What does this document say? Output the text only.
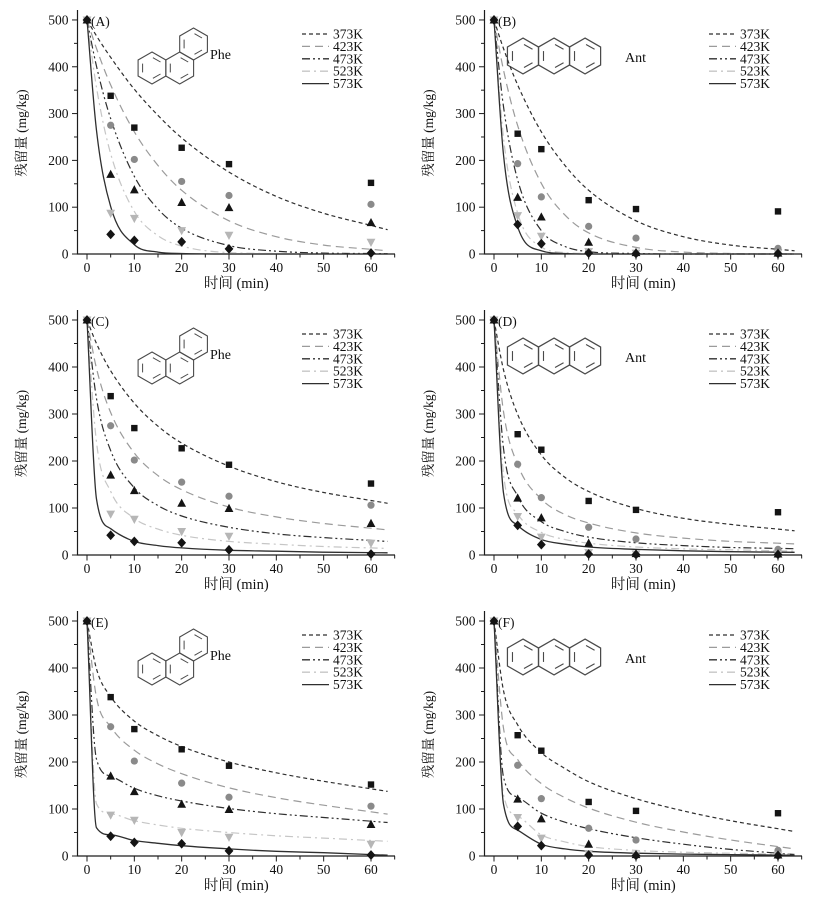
0	10	20	30	40	50	60
0
100
200
300
400
500
时间 (min)
残留量 (mg/kg)
(A)
Phe
373K
423K
473K
523K
573K
0	10	20	30	40	50	60
0
100
200
300
400
500
时间 (min)
残留量 (mg/kg)
(B)
Ant
373K
423K
473K
523K
573K
0	10	20	30	40	50	60
0
100
200
300
400
500
时间 (min)
残留量 (mg/kg)
(C)
Phe
373K
423K
473K
523K
573K
0	10	20	30	40	50	60
0
100
200
300
400
500
时间 (min)
残留量 (mg/kg)
(D)
Ant
373K
423K
473K
523K
573K
0	10	20	30	40	50	60
0
100
200
300
400
500
时间 (min)
残留量 (mg/kg)
(E)
Phe
373K
423K
473K
523K
573K
0	10	20	30	40	50	60
0
100
200
300
400
500
时间 (min)
残留量 (mg/kg)
(F)
Ant
373K
423K
473K
523K
573K
